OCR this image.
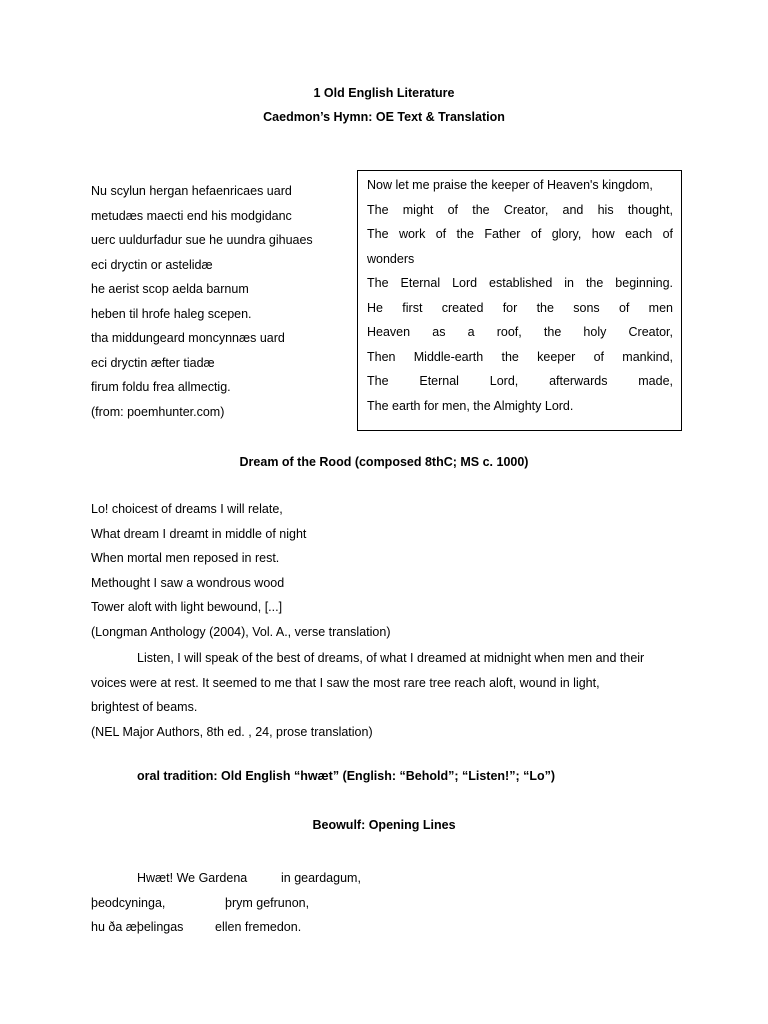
1 Old English Literature
Caedmon’s Hymn: OE Text & Translation
Nu scylun hergan hefaenricaes uard
metudæs maecti end his modgidanc
uerc uuldurfadur sue he uundra gihuaes
eci dryctin or astelidæ
he aerist scop aelda barnum
heben til hrofe haleg scepen.
tha middungeard moncynnæs uard
eci dryctin æfter tiadæ
firum foldu frea allmectig.
(from: poemhunter.com)
Now let me praise the keeper of Heaven's kingdom,
The might of the Creator, and his thought,
The work of the Father of glory, how each of
wonders
The Eternal Lord established in the beginning.
He first created for the sons of men
Heaven as a roof, the holy Creator,
Then Middle-earth the keeper of mankind,
The Eternal Lord, afterwards made,
The earth for men, the Almighty Lord.
Dream of the Rood (composed 8thC; MS c. 1000)
Lo! choicest of dreams I will relate,
What dream I dreamt in middle of night
When mortal men reposed in rest.
Methought I saw a wondrous wood
Tower aloft with light bewound, [...]
(Longman Anthology (2004), Vol. A., verse translation)
Listen, I will speak of the best of dreams, of what I dreamed at midnight when men and their
voices were at rest. It seemed to me that I saw the most rare tree reach aloft, wound in light,
brightest of beams.
(NEL Major Authors, 8th ed. , 24, prose translation)
oral tradition: Old English “hwæt” (English: “Behold”; “Listen!”; “Lo”)
Beowulf: Opening Lines
Hwæt! We Gardena	in geardagum,
þeodcyninga,	þrym gefrunon,
hu ða æþelingas	ellen fremedon.
